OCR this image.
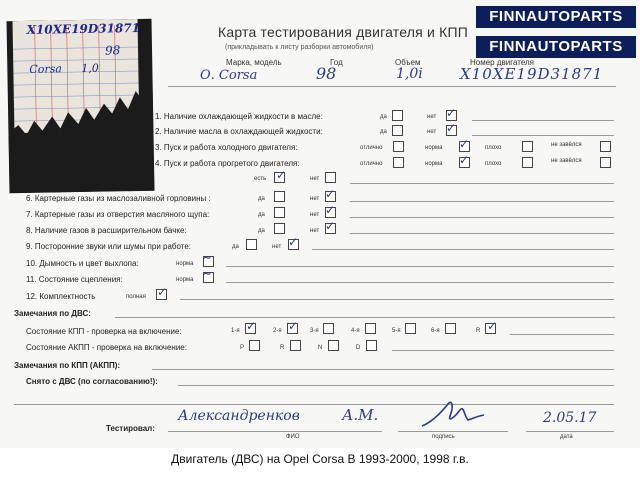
Карта тестирования двигателя и КПП
(прикладывать к листу разборки автомобиля)
Марка, модель	Год	Объем	Номер двигателя
О. Corsa	98	1,0i X10XE19D31871
1. Наличие охлаждающей жидкости в масле:	да	нет ✓
2. Наличие масла в охлаждающей жидкости:	да	нет ✓
3. Пуск и работа холодного двигателя:	отлично	норма ✓	плохо	не завёлся
4. Пуск и работа прогретого двигателя:	отлично	норма ✓	плохо	не завёлся
есть ✓	нет
6. Картерные газы из маслозаливной горловины :	да	нет ✓
7. Картерные газы из отверстия масляного щупа:	да	нет ✓
8. Наличие газов в расширительном бачке:	да	нет ✓
9. Посторонние звуки или шумы при работе:	да	нет ✓
10. Дымность и цвет выхлопа:	норма ∼
11. Состояние сцепления:	норма ∼
12. Комплектность	полная ✓
Замечания по ДВС:
Состояние КПП - проверка на включение:	1-я ✓	2-я ✓ 3-я	4-я	5-я	6-я	R ✓
Состояние АКПП - проверка на включение:	P	R	N	D
Замечания по КПП (АКПП):
Снято с ДВС (по согласованию!):
Тестировал:
Александренков	А.М.
ФИО	подпись
2.05.17
дата
X10XE19D31871
98
Corsa 1,0
FINNAUTOPARTS
FINNAUTOPARTS
Двигатель (ДВС) на Opel Corsa B 1993-2000, 1998 г.в.
